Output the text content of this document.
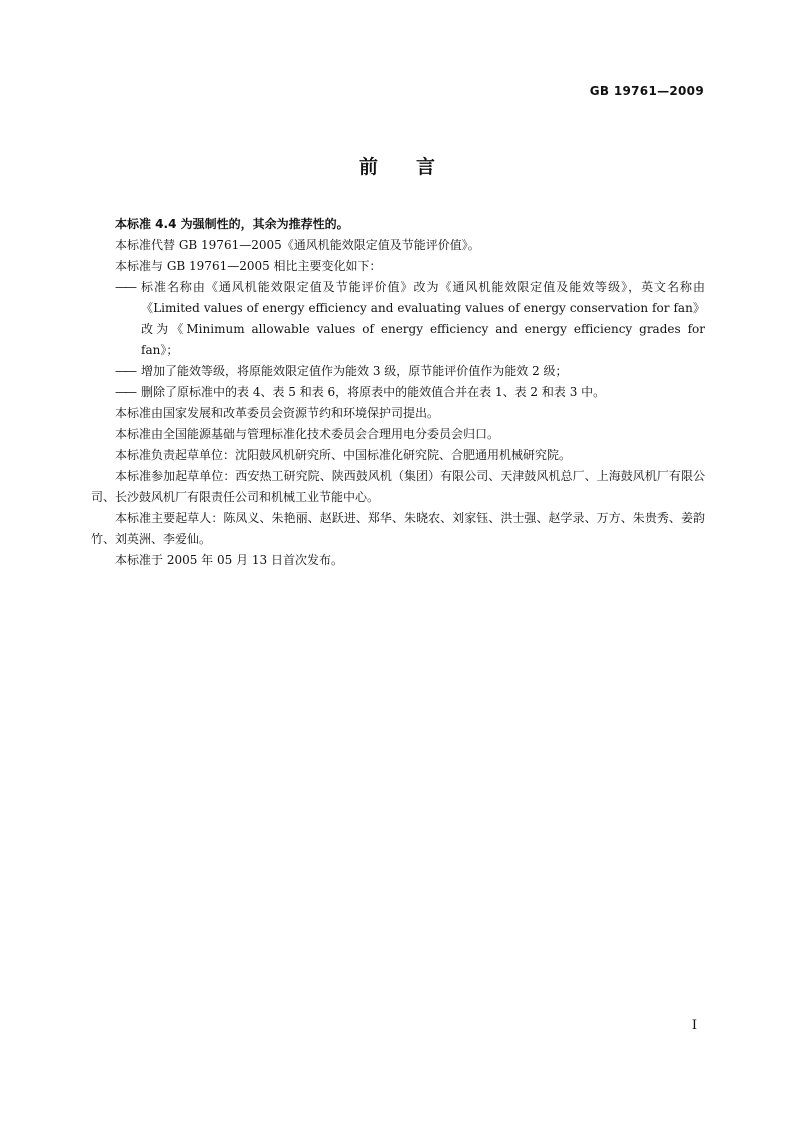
GB 19761—2009
前言

本标准 4.4 为强制性的，其余为推荐性的。

本标准代替 GB 19761—2005《通风机能效限定值及节能评价值》。

本标准与 GB 19761—2005 相比主要变化如下：

—— 标准名称由《通风机能效限定值及节能评价值》改为《通风机能效限定值及能效等级》，英文名称由《Limited values of energy efficiency and evaluating values of energy conservation for fan》改为《Minimum allowable values of energy efficiency and energy efficiency grades for fan》；
—— 增加了能效等级，将原能效限定值作为能效 3 级，原节能评价值作为能效 2 级；
—— 删除了原标准中的表 4、表 5 和表 6，将原表中的能效值合并在表 1、表 2 和表 3 中。

本标准由国家发展和改革委员会资源节约和环境保护司提出。

本标准由全国能源基础与管理标准化技术委员会合理用电分委员会归口。

本标准负责起草单位：沈阳鼓风机研究所、中国标准化研究院、合肥通用机械研究院。

本标准参加起草单位：西安热工研究院、陕西鼓风机（集团）有限公司、天津鼓风机总厂、上海鼓风机厂有限公司、长沙鼓风机厂有限责任公司和机械工业节能中心。

本标准主要起草人：陈凤义、朱艳丽、赵跃进、郑华、朱晓农、刘家钰、洪士强、赵学录、万方、朱贵秀、姜韵竹、刘英洲、李爱仙。

本标准于 2005 年 05 月 13 日首次发布。

I
